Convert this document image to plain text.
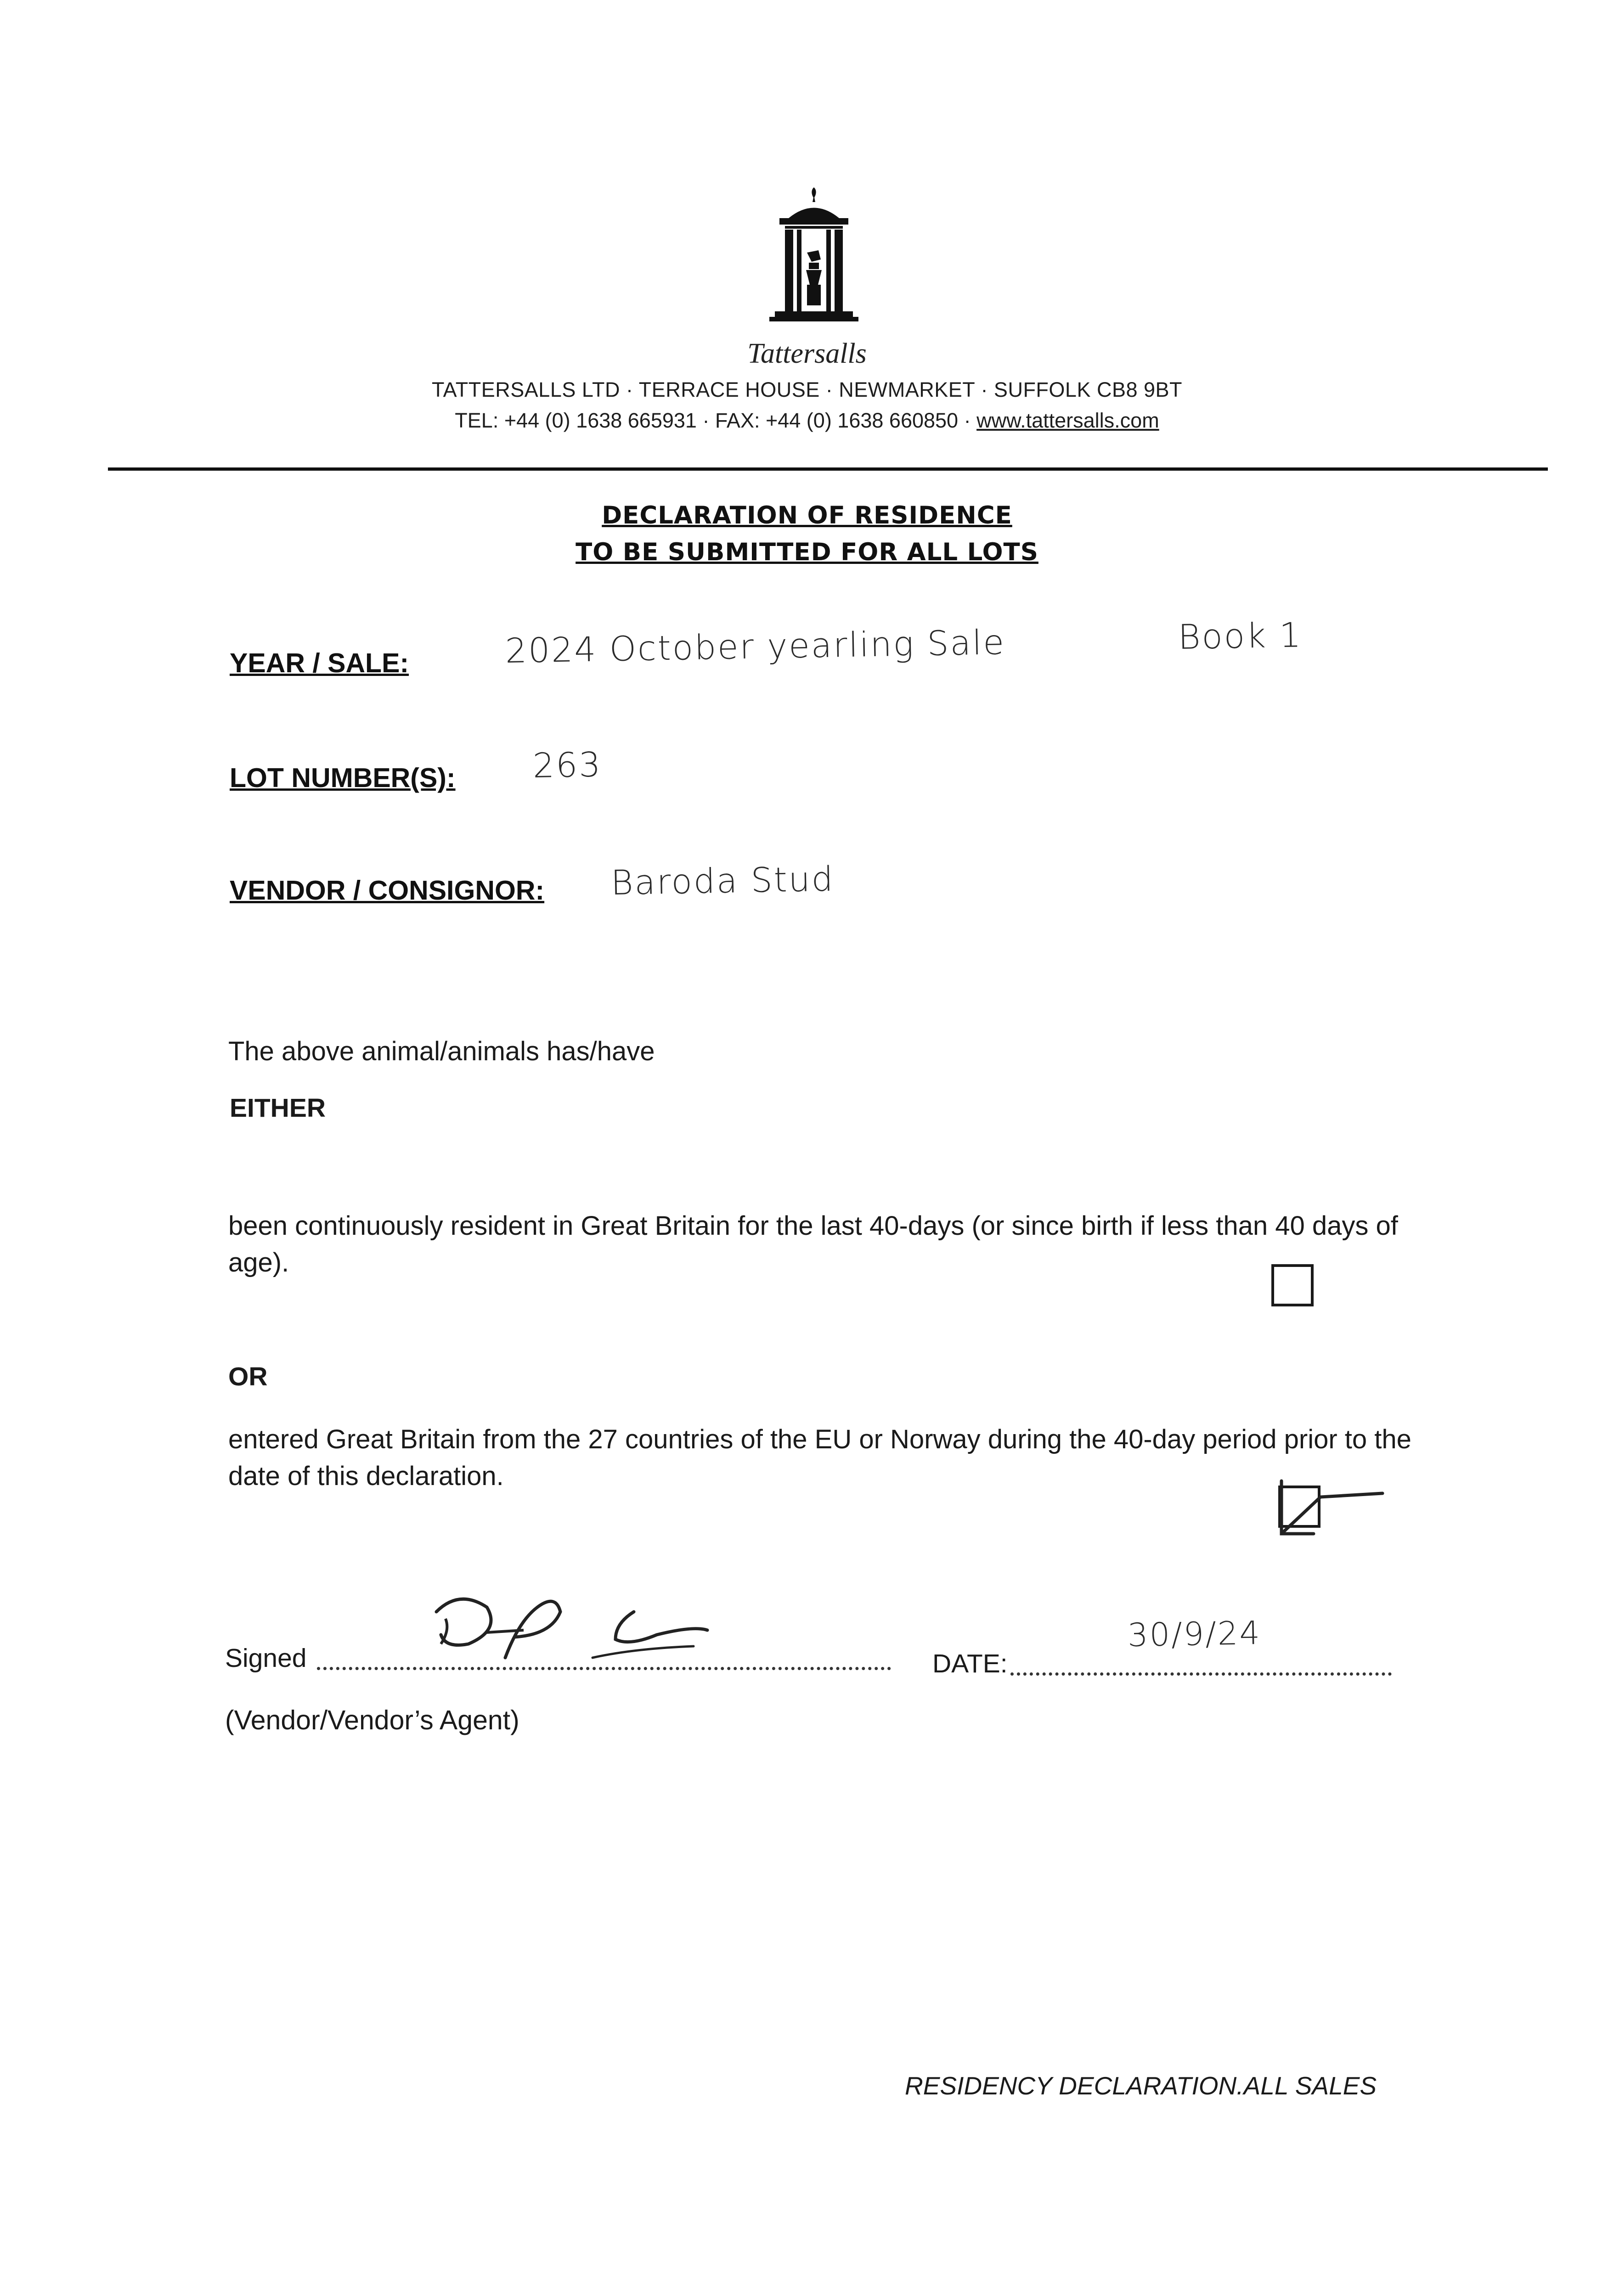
Tattersalls
TATTERSALLS LTD · TERRACE HOUSE · NEWMARKET · SUFFOLK CB8 9BT
TEL: +44 (0) 1638 665931 · FAX: +44 (0) 1638 660850 · www.tattersalls.com
DECLARATION OF RESIDENCE
TO BE SUBMITTED FOR ALL LOTS
YEAR / SALE:	2024 October yearling Sale	Book 1
LOT NUMBER(S): 263
VENDOR / CONSIGNOR: Baroda Stud
The above animal/animals has/have
EITHER
been continuously resident in Great Britain for the last 40-days (or since birth if less than 40 days of age).
OR
entered Great Britain from the 27 countries of the EU or Norway during the 40-day period prior to the date of this declaration.
Signed	DATE:
30/9/24
(Vendor/Vendor’s Agent)
RESIDENCY DECLARATION.ALL SALES
